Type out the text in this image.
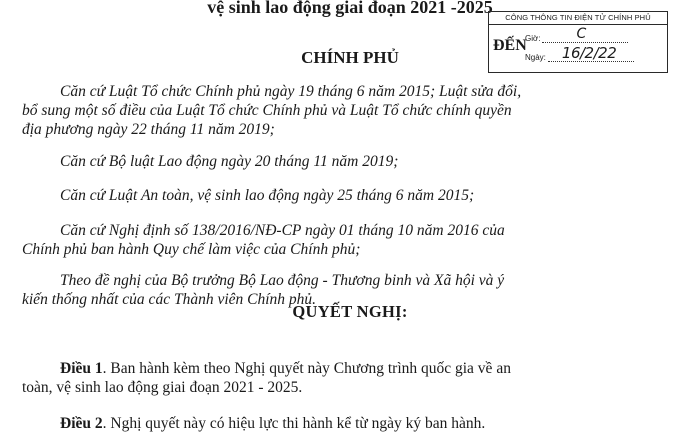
vệ sinh lao động giai đoạn 2021 -2025
CÔNG THÔNG TIN ĐIỆN TỬ CHÍNH PHỦ
ĐẾN
Giờ:	C
Ngày: 16/2/22
CHÍNH PHỦ
Căn cứ Luật Tổ chức Chính phủ ngày 19 tháng 6 năm 2015; Luật sửa đổi,
bổ sung một số điều của Luật Tổ chức Chính phủ và Luật Tổ chức chính quyền
địa phương ngày 22 tháng 11 năm 2019;
Căn cứ Bộ luật Lao động ngày 20 tháng 11 năm 2019;
Căn cứ Luật An toàn, vệ sinh lao động ngày 25 tháng 6 năm 2015;
Căn cứ Nghị định số 138/2016/NĐ-CP ngày 01 tháng 10 năm 2016 của
Chính phủ ban hành Quy chế làm việc của Chính phủ;
Theo đề nghị của Bộ trưởng Bộ Lao động - Thương binh và Xã hội và ý
kiến thống nhất của các Thành viên Chính phủ.
QUYẾT NGHỊ:
Điều 1. Ban hành kèm theo Nghị quyết này Chương trình quốc gia về an
toàn, vệ sinh lao động giai đoạn 2021 - 2025.
Điều 2. Nghị quyết này có hiệu lực thi hành kể từ ngày ký ban hành.
